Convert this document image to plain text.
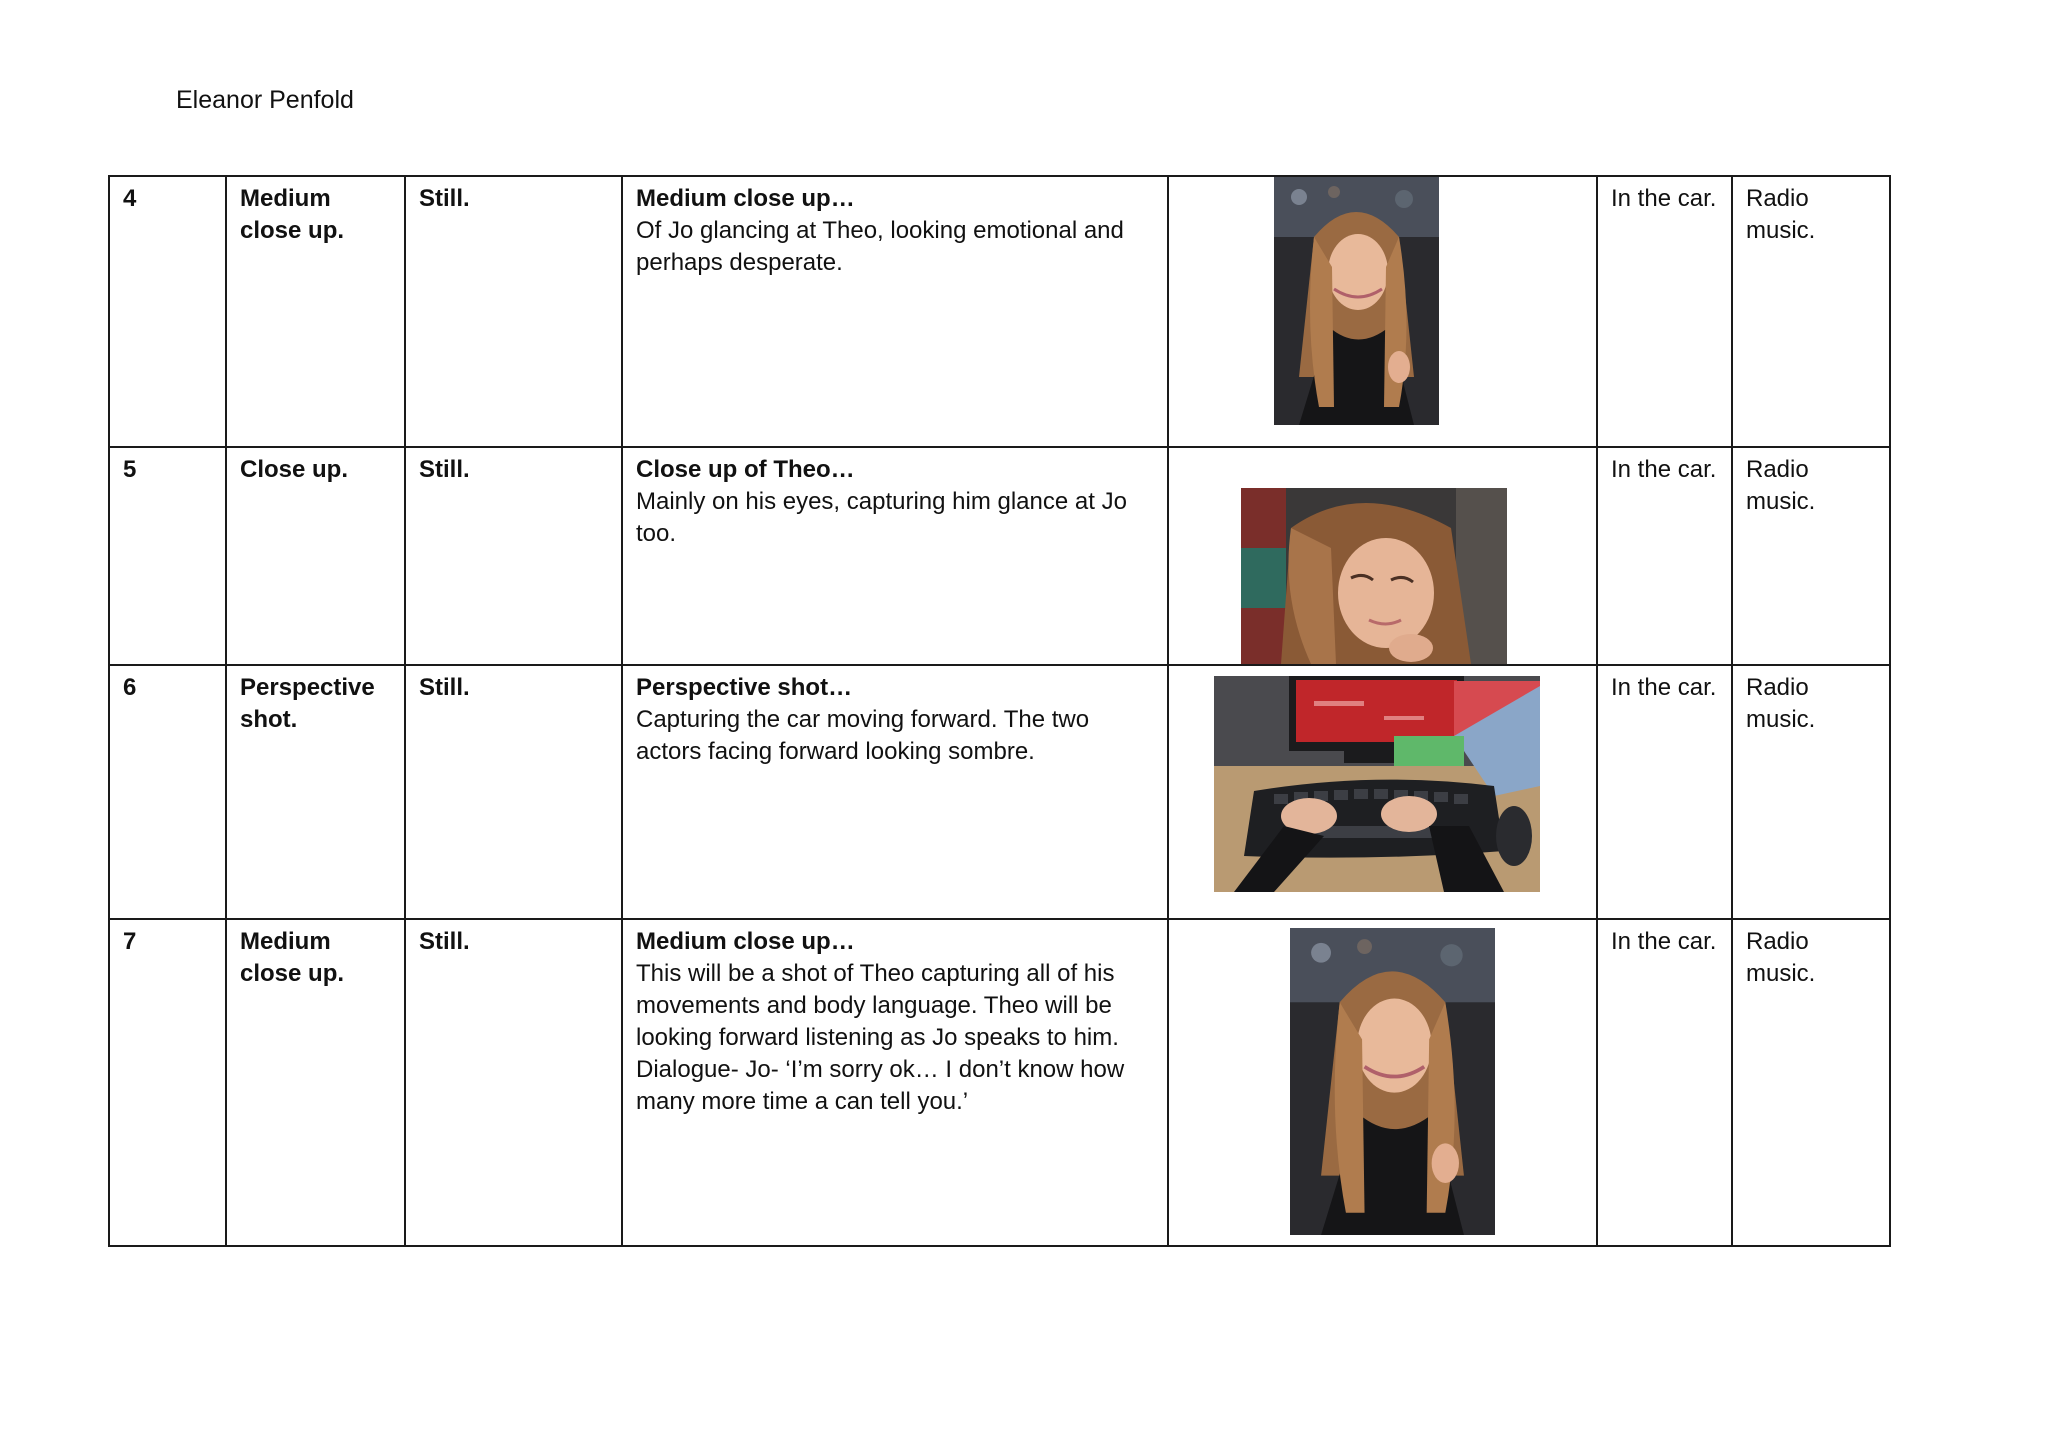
Eleanor Penfold
4	Medium close up.	Still.	Medium close up…
Of Jo glancing at Theo, looking emotional and perhaps desperate.		In the car.	Radio music.
5	Close up.	Still.	Close up of Theo…
Mainly on his eyes, capturing him glance at Jo too.		In the car.	Radio music.
6	Perspective shot.	Still.	Perspective shot…
Capturing the car moving forward. The two actors facing forward looking sombre.		In the car.	Radio music.
7	Medium close up.	Still.	Medium close up…
This will be a shot of Theo capturing all of his movements and body language. Theo will be looking forward listening as Jo speaks to him. Dialogue- Jo- ‘I’m sorry ok… I don’t know how many more time a can tell you.’		In the car.	Radio music.
